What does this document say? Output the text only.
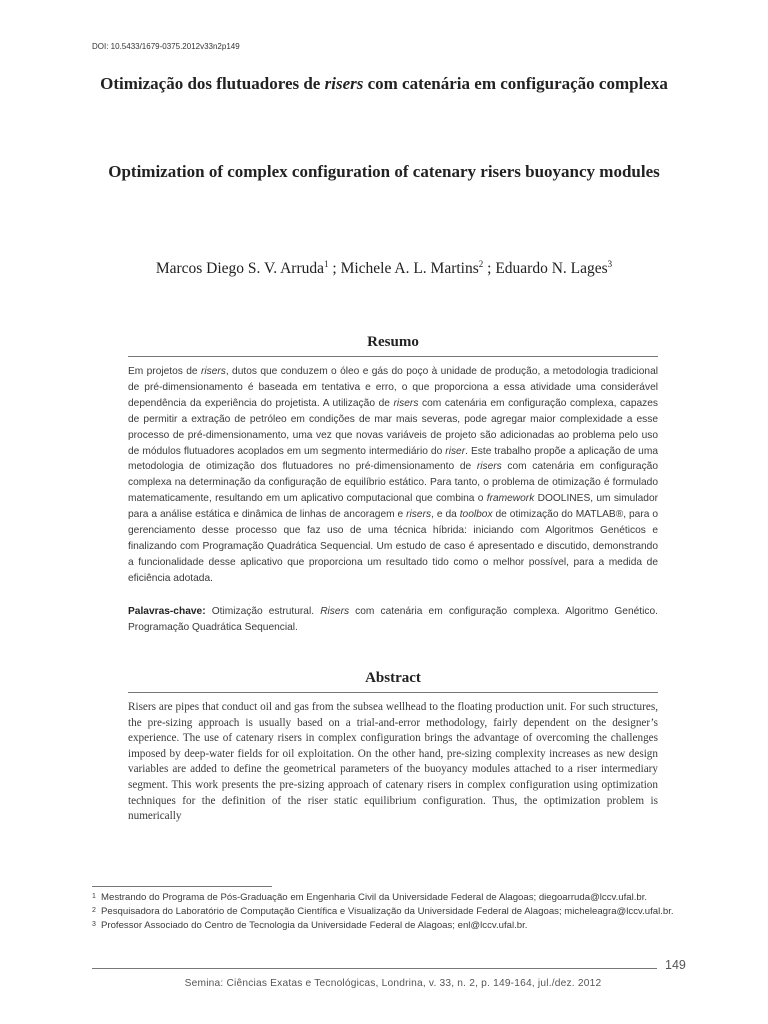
DOI: 10.5433/1679-0375.2012v33n2p149
Otimização dos flutuadores de risers com catenária em configuração complexa
Optimization of complex configuration of catenary risers buoyancy modules

Marcos Diego S. V. Arruda$^1$ ; Michele A. L. Martins$^2$ ; Eduardo N. Lages$^3$

Resumo

Em projetos de risers, dutos que conduzem o óleo e gás do poço à unidade de produção, a metodologia tradicional de pré-dimensionamento é baseada em tentativa e erro, o que proporciona a essa atividade uma considerável dependência da experiência do projetista. A utilização de risers com catenária em configuração complexa, capazes de permitir a extração de petróleo em condições de mar mais severas, pode agregar maior complexidade a esse processo de pré-dimensionamento, uma vez que novas variáveis de projeto são adicionadas ao problema pelo uso de módulos flutuadores acoplados em um segmento intermediário do riser. Este trabalho propõe a aplicação de uma metodologia de otimização dos flutuadores no pré-dimensionamento de risers com catenária em configuração complexa na determinação da configuração de equilíbrio estático. Para tanto, o problema de otimização é formulado matematicamente, resultando em um aplicativo computacional que combina o framework DOOLINES, um simulador para a análise estática e dinâmica de linhas de ancoragem e risers, e da toolbox de otimização do MATLAB®, para o gerenciamento desse processo que faz uso de uma técnica híbrida: iniciando com Algoritmos Genéticos e finalizando com Programação Quadrática Sequencial. Um estudo de caso é apresentado e discutido, demonstrando a funcionalidade desse aplicativo que proporciona um resultado tido como o melhor possível, para a medida de eficiência adotada.

Palavras-chave: Otimização estrutural. Risers com catenária em configuração complexa. Algoritmo Genético. Programação Quadrática Sequencial.

Abstract

Risers are pipes that conduct oil and gas from the subsea wellhead to the floating production unit. For such structures, the pre-sizing approach is usually based on a trial-and-error methodology, fairly dependent on the designer’s experience. The use of catenary risers in complex configuration brings the advantage of overcoming the challenges imposed by deep-water fields for oil exploitation. On the other hand, pre-sizing complexity increases as new design variables are added to define the geometrical parameters of the buoyancy modules attached to a riser intermediary segment. This work presents the pre-sizing approach of catenary risers in complex configuration using optimization techniques for the definition of the riser static equilibrium configuration. Thus, the optimization problem is numerically

1 Mestrando do Programa de Pós-Graduação em Engenharia Civil da Universidade Federal de Alagoas; diegoarruda@lccv.ufal.br.

2 Pesquisadora do Laboratório de Computação Científica e Visualização da Universidade Federal de Alagoas; micheleagra@lccv.ufal.br.

3 Professor Associado do Centro de Tecnologia da Universidade Federal de Alagoas; enl@lccv.ufal.br.

149
Semina: Ciências Exatas e Tecnológicas, Londrina, v. 33, n. 2, p. 149-164, jul./dez. 2012
